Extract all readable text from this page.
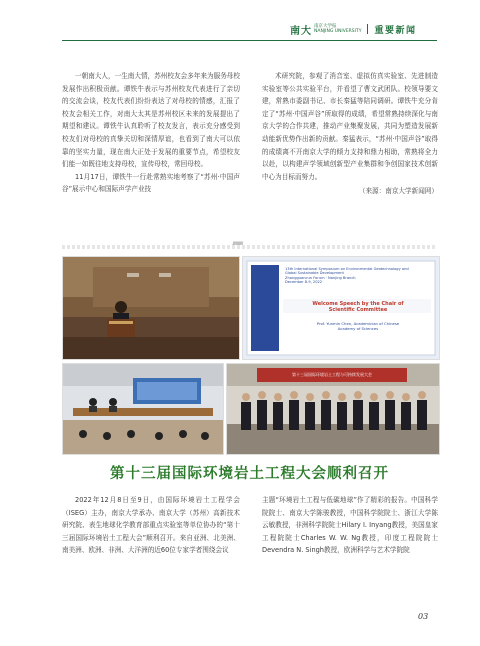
南大 南京大学报
NANJING UNIVERSITY 重要新闻

一朝南大人，一生南大情，苏州校友会多年来为服务母校发展作出积极贡献。谭铁牛表示与苏州校友代表进行了亲切的交流会谈，校友代表们纷纷表达了对母校的情感，汇报了校友会相关工作，对南大太其是苏州校区未来的发展提出了期望和建议。谭铁牛认真聆听了校友发言，表示充分感受到校友们对母校的真挚关切和深情厚谊，也看到了南大可以依靠的坚实力量，现在南大正处于发展的重要节点，希望校友们能一如既往地支持母校，宣传母校，常回母校。

11月17日，谭铁牛一行赴常熟实地考察了“苏州·中国声谷”展示中心和国际声学产业技

术研究院，参观了消音室、虚拟仿真实验室、先进制造实验室等公共实验平台，并看望了曹文武团队。校领导要文建，常熟市委副书记、市长秦猛等陪同调研。谭铁牛充分肯定了“苏州·中国声谷”所取得的成绩，希望常熟持续深化与南京大学的合作共建，推动产业集聚发展，共同为塑造发展新动能新优势作出新的贡献。秦猛表示，“苏州·中国声谷”取得的成绩离不开南京大学的倾力支持和鼎力相助，常熟将全力以赴，以构建声学领域创新型产业集群和争创国家技术创新中心为目标而努力。

（来源：南京大学新闻网）

13th International Symposium on Environmental Geotechnology and
Global Sustainable Development
Zhongguancun Forum · Nanjing Branch
December 8-9, 2022
Welcome Speech by the Chair of
Scientific Committee
Prof. Yunmin Chen, Academician of Chinese
Academy of Sciences
第十三届国际环境岩土工程与可持续发展大会
第十三届国际环境岩土工程大会顺利召开

2022年12月8日至9日，由国际环境岩土工程学会（ISEG）主办，南京大学承办、南京大学（苏州）高新技术研究院、表生地球化学教育部重点实验室等单位协办的“第十三届国际环境岩土工程大会”顺利召开。来自亚洲、北美洲、南美洲、欧洲、非洲、大洋洲的近60位专家学者围绕会议

主题“环境岩土工程与低碳地球”作了精彩的报告。中国科学院院士、南京大学陈骏教授，中国科学院院士、浙江大学陈云敏教授，非洲科学院院士Hilary I. Inyang教授，美国皇家工程院院士Charles W. W. Ng教授，印度工程院院士Devendra N. Singh教授，欧洲科学与艺术学院院

03
